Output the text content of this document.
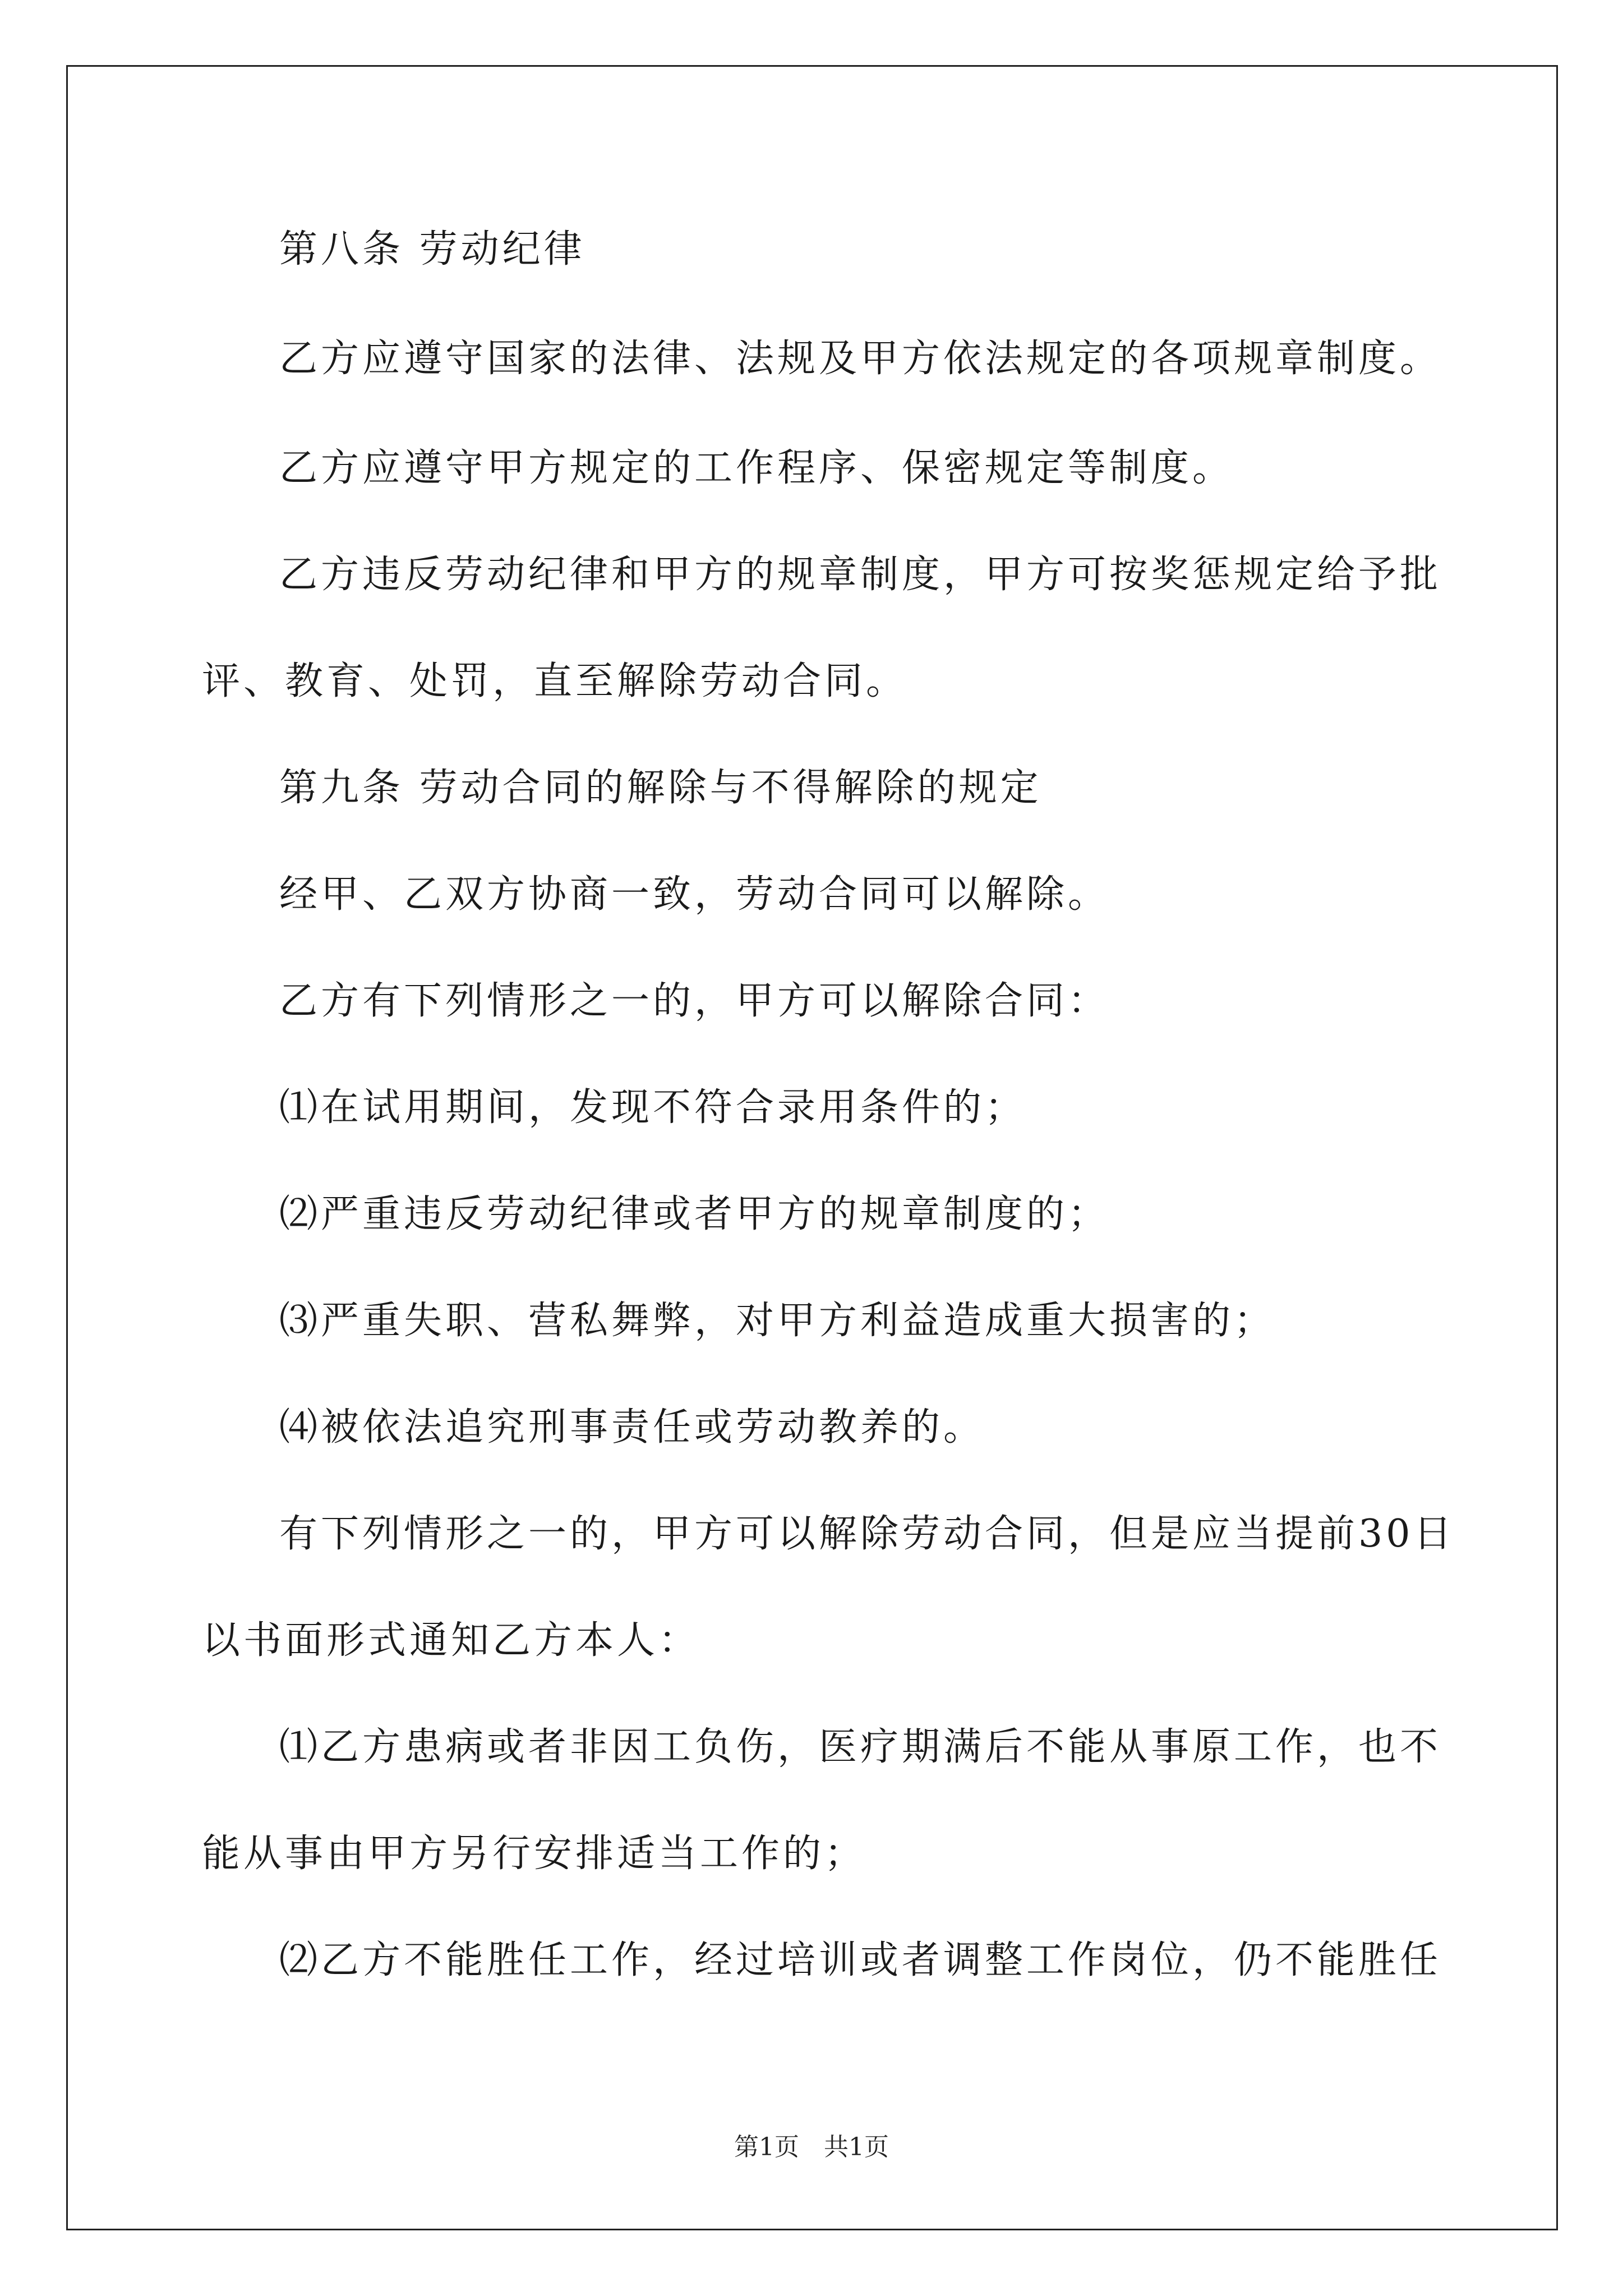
第八条 劳动纪律
乙方应遵守国家的法律、法规及甲方依法规定的各项规章制度。
乙方应遵守甲方规定的工作程序、保密规定等制度。
乙方违反劳动纪律和甲方的规章制度，甲方可按奖惩规定给予批
评、教育、处罚，直至解除劳动合同。
第九条 劳动合同的解除与不得解除的规定
经甲、乙双方协商一致，劳动合同可以解除。
乙方有下列情形之一的，甲方可以解除合同：
⑴在试用期间，发现不符合录用条件的；
⑵严重违反劳动纪律或者甲方的规章制度的；
⑶严重失职、营私舞弊，对甲方利益造成重大损害的；
⑷被依法追究刑事责任或劳动教养的。
有下列情形之一的，甲方可以解除劳动合同，但是应当提前30日
以书面形式通知乙方本人：
⑴乙方患病或者非因工负伤，医疗期满后不能从事原工作，也不
能从事由甲方另行安排适当工作的；
⑵乙方不能胜任工作，经过培训或者调整工作岗位，仍不能胜任
第1页　共1页
